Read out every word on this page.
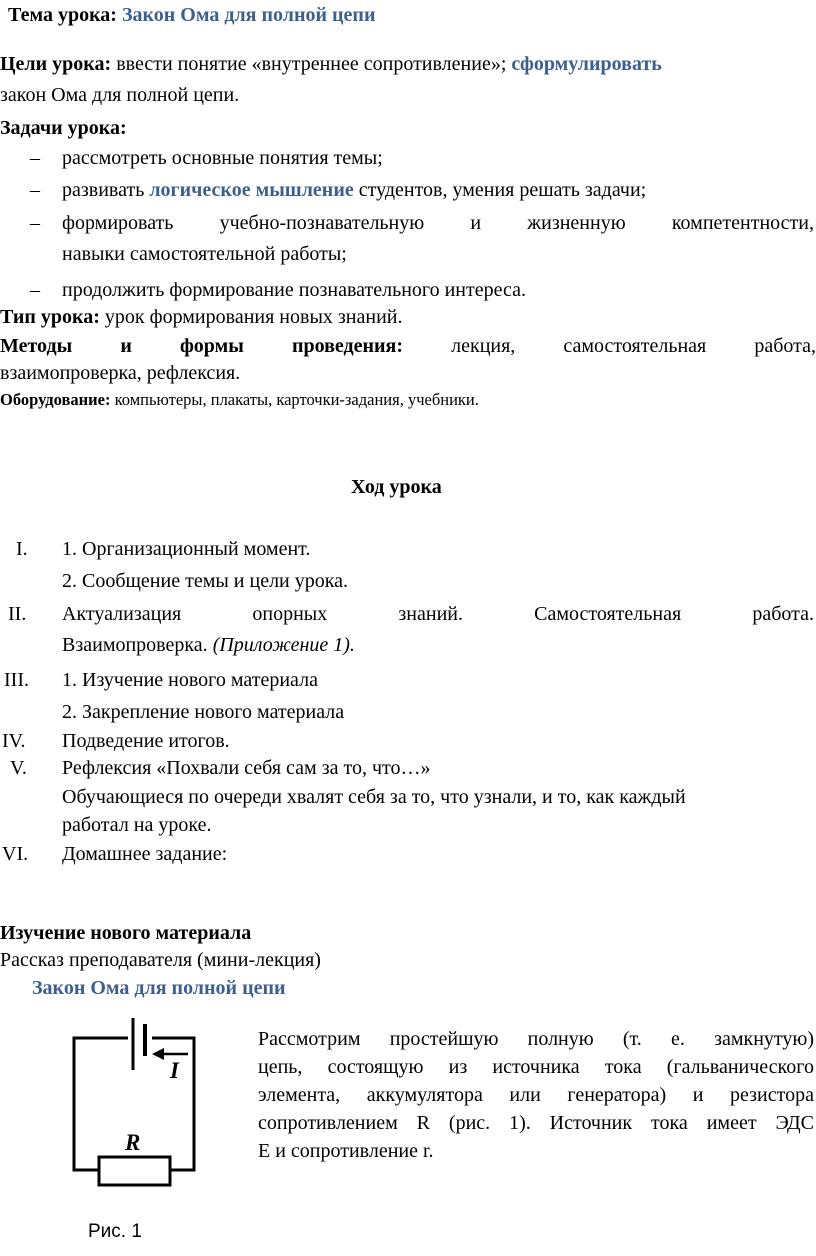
Тема урока: Закон Ома для полной цепи
Цели урока: ввести понятие «внутреннее сопротивление»; сформулировать
закон Ома для полной цепи.
Задачи урока:
– рассмотреть основные понятия темы;
– развивать логическое мышление студентов, умения решать задачи;
– формировать учебно-познавательную и жизненную компетентности,
навыки самостоятельной работы;
– продолжить формирование познавательного интереса.
Тип урока: урок формирования новых знаний.
Методы и формы проведения: лекция, самостоятельная работа,
взаимопроверка, рефлексия.
Оборудование: компьютеры, плакаты, карточки-задания, учебники.
Ход урока
I. 1. Организационный момент.
2. Сообщение темы и цели урока.
II. Актуализация	опорных	знаний.	Самостоятельная	работа.
Взаимопроверка. (Приложение 1).
III. 1. Изучение нового материала
2. Закрепление нового материала
IV. Подведение итогов.
V. Рефлексия «Похвали себя сам за то, что…»
Обучающиеся по очереди хвалят себя за то, что узнали, и то, как каждый
работал на уроке.
VI. Домашнее задание:
Изучение нового материала
Рассказ преподавателя (мини-лекция)
Закон Ома для полной цепи
I
R
Рис. 1
Рассмотрим простейшую полную (т. е. замкнутую)
цепь, состоящую из источника тока (гальванического
элемента, аккумулятора или генератора) и резистора
сопротивлением R (рис. 1). Источник тока имеет ЭДС
E и сопротивление r.
